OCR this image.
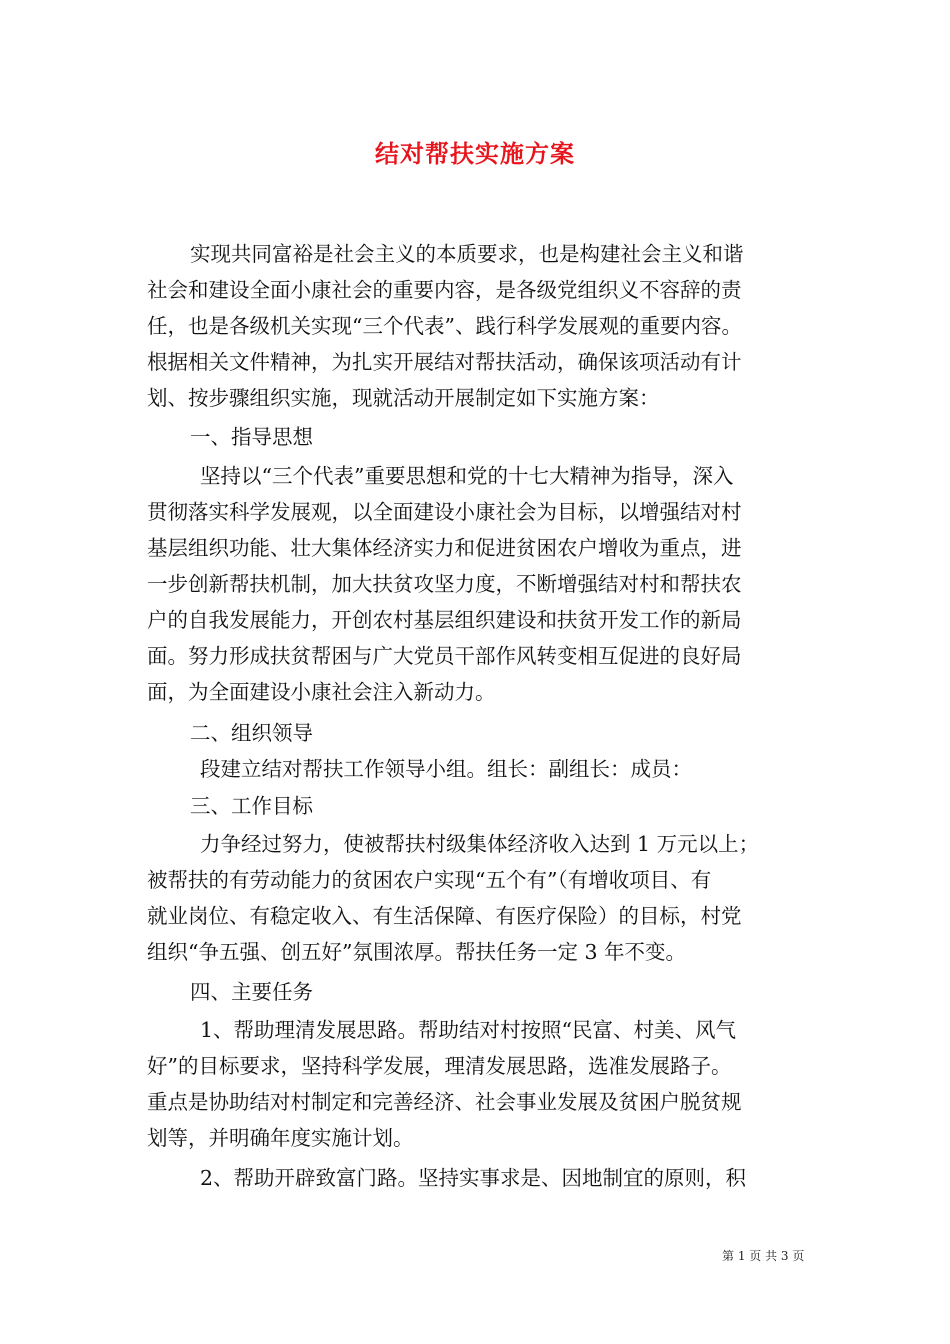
结对帮扶实施方案

实现共同富裕是社会主义的本质要求，也是构建社会主义和谐

社会和建设全面小康社会的重要内容，是各级党组织义不容辞的责

任，也是各级机关实现“三个代表”、践行科学发展观的重要内容。

根据相关文件精神，为扎实开展结对帮扶活动，确保该项活动有计

划、按步骤组织实施，现就活动开展制定如下实施方案：

一、指导思想

坚持以“三个代表”重要思想和党的十七大精神为指导，深入

贯彻落实科学发展观，以全面建设小康社会为目标，以增强结对村

基层组织功能、壮大集体经济实力和促进贫困农户增收为重点，进

一步创新帮扶机制，加大扶贫攻坚力度，不断增强结对村和帮扶农

户的自我发展能力，开创农村基层组织建设和扶贫开发工作的新局

面。努力形成扶贫帮困与广大党员干部作风转变相互促进的良好局

面，为全面建设小康社会注入新动力。

二、组织领导

段建立结对帮扶工作领导小组。组长：副组长：成员：

三、工作目标

力争经过努力，使被帮扶村级集体经济收入达到 1 万元以上；

被帮扶的有劳动能力的贫困农户实现“五个有”（有增收项目、有

就业岗位、有稳定收入、有生活保障、有医疗保险）的目标，村党

组织“争五强、创五好”氛围浓厚。帮扶任务一定 3 年不变。

四、主要任务

1、帮助理清发展思路。帮助结对村按照“民富、村美、风气

好”的目标要求，坚持科学发展，理清发展思路，选准发展路子。

重点是协助结对村制定和完善经济、社会事业发展及贫困户脱贫规

划等，并明确年度实施计划。

2、帮助开辟致富门路。坚持实事求是、因地制宜的原则，积

第 1 页 共 3 页
